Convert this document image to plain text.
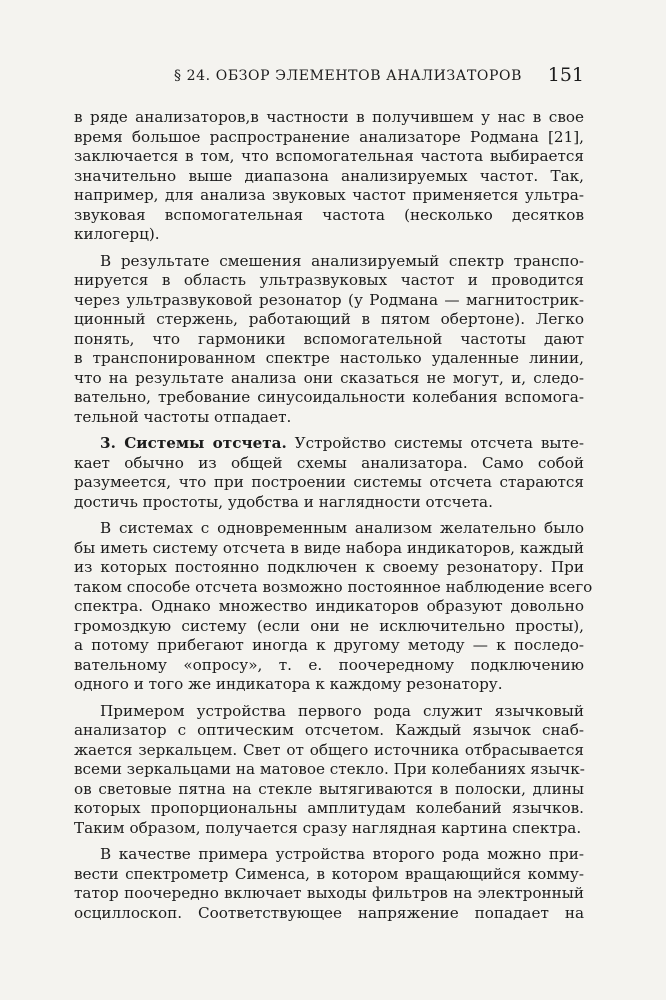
§ 24. ОБЗОР ЭЛЕМЕНТОВ АНАЛИЗАТОРОВ 151
в ряде анализаторов,в частности в получившем у нас в свое
время большое распространение анализаторе Родмана [21],
заключается в том, что вспомогательная частота выбирается
значительно выше диапазона анализируемых частот. Так,
например, для анализа звуковых частот применяется ультра-
звуковая вспомогательная частота (несколько десятков
килогерц).
В результате смешения анализируемый спектр транспо-
нируется в область ультразвуковых частот и проводится
через ультразвуковой резонатор (у Родмана — магнитострик-
ционный стержень, работающий в пятом обертоне). Легко
понять, что гармоники вспомогательной частоты дают
в транспонированном спектре настолько удаленные линии,
что на результате анализа они сказаться не могут, и, следо-
вательно, требование синусоидальности колебания вспомога-
тельной частоты отпадает.
3. Системы отсчета. Устройство системы отсчета выте-
кает обычно из общей схемы анализатора. Само собой
разумеется, что при построении системы отсчета стараются
достичь простоты, удобства и наглядности отсчета.
В системах с одновременным анализом желательно было
бы иметь систему отсчета в виде набора индикаторов, каждый
из которых постоянно подключен к своему резонатору. При
таком способе отсчета возможно постоянное наблюдение всего
спектра. Однако множество индикаторов образуют довольно
громоздкую систему (если они не исключительно просты),
а потому прибегают иногда к другому методу — к последо-
вательному «опросу», т. е. поочередному подключению
одного и того же индикатора к каждому резонатору.
Примером устройства первого рода служит язычковый
анализатор с оптическим отсчетом. Каждый язычок снаб-
жается зеркальцем. Свет от общего источника отбрасывается
всеми зеркальцами на матовое стекло. При колебаниях язычк-
ов световые пятна на стекле вытягиваются в полоски, длины
которых пропорциональны амплитудам колебаний язычков.
Таким образом, получается сразу наглядная картина спектра.
В качестве примера устройства второго рода можно при-
вести спектрометр Сименса, в котором вращающийся комму-
татор поочередно включает выходы фильтров на электронный
осциллоскоп. Соответствующее напряжение попадает на
